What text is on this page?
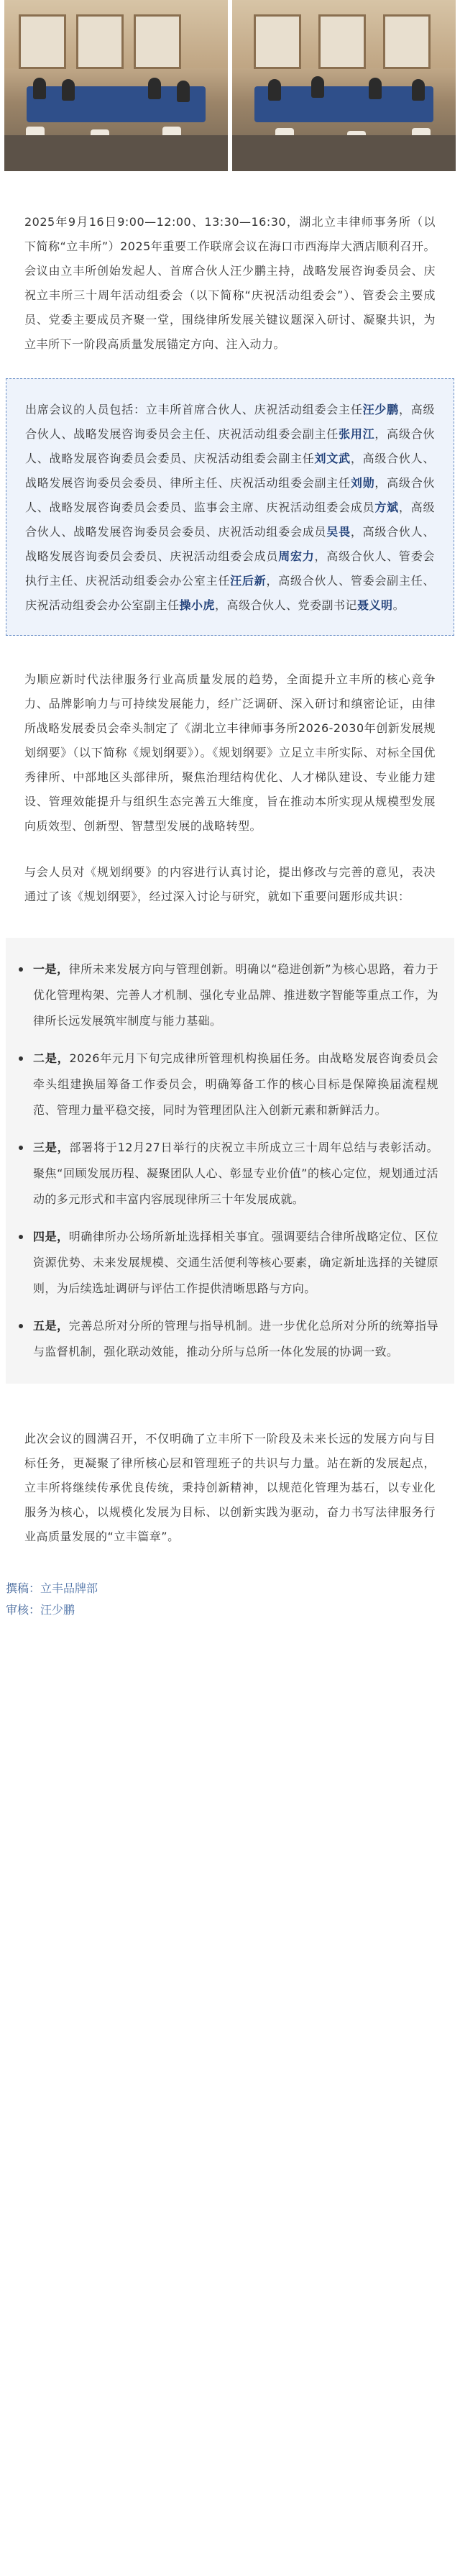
2025年9月16日9:00—12:00、13:30—16:30，湖北立丰律师事务所（以下简称“立丰所”）2025年重要工作联席会议在海口市西海岸大酒店顺利召开。会议由立丰所创始发起人、首席合伙人汪少鹏主持，战略发展咨询委员会、庆祝立丰所三十周年活动组委会（以下简称“庆祝活动组委会”）、管委会主要成员、党委主要成员齐聚一堂，围绕律所发展关键议题深入研讨、凝聚共识，为立丰所下一阶段高质量发展锚定方向、注入动力。

出席会议的人员包括：立丰所首席合伙人、庆祝活动组委会主任汪少鹏，高级合伙人、战略发展咨询委员会主任、庆祝活动组委会副主任张用江，高级合伙人、战略发展咨询委员会委员、庆祝活动组委会副主任刘文武，高级合伙人、战略发展咨询委员会委员、律所主任、庆祝活动组委会副主任刘勋，高级合伙人、战略发展咨询委员会委员、监事会主席、庆祝活动组委会成员方斌，高级合伙人、战略发展咨询委员会委员、庆祝活动组委会成员吴畏，高级合伙人、战略发展咨询委员会委员、庆祝活动组委会成员周宏力，高级合伙人、管委会执行主任、庆祝活动组委会办公室主任汪后新，高级合伙人、管委会副主任、庆祝活动组委会办公室副主任操小虎，高级合伙人、党委副书记聂义明。

为顺应新时代法律服务行业高质量发展的趋势，全面提升立丰所的核心竞争力、品牌影响力与可持续发展能力，经广泛调研、深入研讨和缜密论证，由律所战略发展委员会牵头制定了《湖北立丰律师事务所2026-2030年创新发展规划纲要》（以下简称《规划纲要》）。《规划纲要》立足立丰所实际、对标全国优秀律所、中部地区头部律所，聚焦治理结构优化、人才梯队建设、专业能力建设、管理效能提升与组织生态完善五大维度，旨在推动本所实现从规模型发展向质效型、创新型、智慧型发展的战略转型。

与会人员对《规划纲要》的内容进行认真讨论，提出修改与完善的意见，表决通过了该《规划纲要》，经过深入讨论与研究，就如下重要问题形成共识：

一是，律所未来发展方向与管理创新。明确以“稳进创新”为核心思路，着力于优化管理构架、完善人才机制、强化专业品牌、推进数字智能等重点工作，为律所长远发展筑牢制度与能力基础。
二是，2026年元月下旬完成律所管理机构换届任务。由战略发展咨询委员会牵头组建换届筹备工作委员会，明确筹备工作的核心目标是保障换届流程规范、管理力量平稳交接，同时为管理团队注入创新元素和新鲜活力。
三是，部署将于12月27日举行的庆祝立丰所成立三十周年总结与表彰活动。聚焦“回顾发展历程、凝聚团队人心、彰显专业价值”的核心定位，规划通过活动的多元形式和丰富内容展现律所三十年发展成就。
四是，明确律所办公场所新址选择相关事宜。强调要结合律所战略定位、区位资源优势、未来发展规模、交通生活便利等核心要素，确定新址选择的关键原则，为后续选址调研与评估工作提供清晰思路与方向。
五是，完善总所对分所的管理与指导机制。进一步优化总所对分所的统筹指导与监督机制，强化联动效能，推动分所与总所一体化发展的协调一致。

此次会议的圆满召开，不仅明确了立丰所下一阶段及未来长远的发展方向与目标任务，更凝聚了律所核心层和管理班子的共识与力量。站在新的发展起点，立丰所将继续传承优良传统，秉持创新精神，以规范化管理为基石，以专业化服务为核心，以规模化发展为目标、以创新实践为驱动，奋力书写法律服务行业高质量发展的“立丰篇章”。

撰稿：立丰品牌部
审核：汪少鹏
